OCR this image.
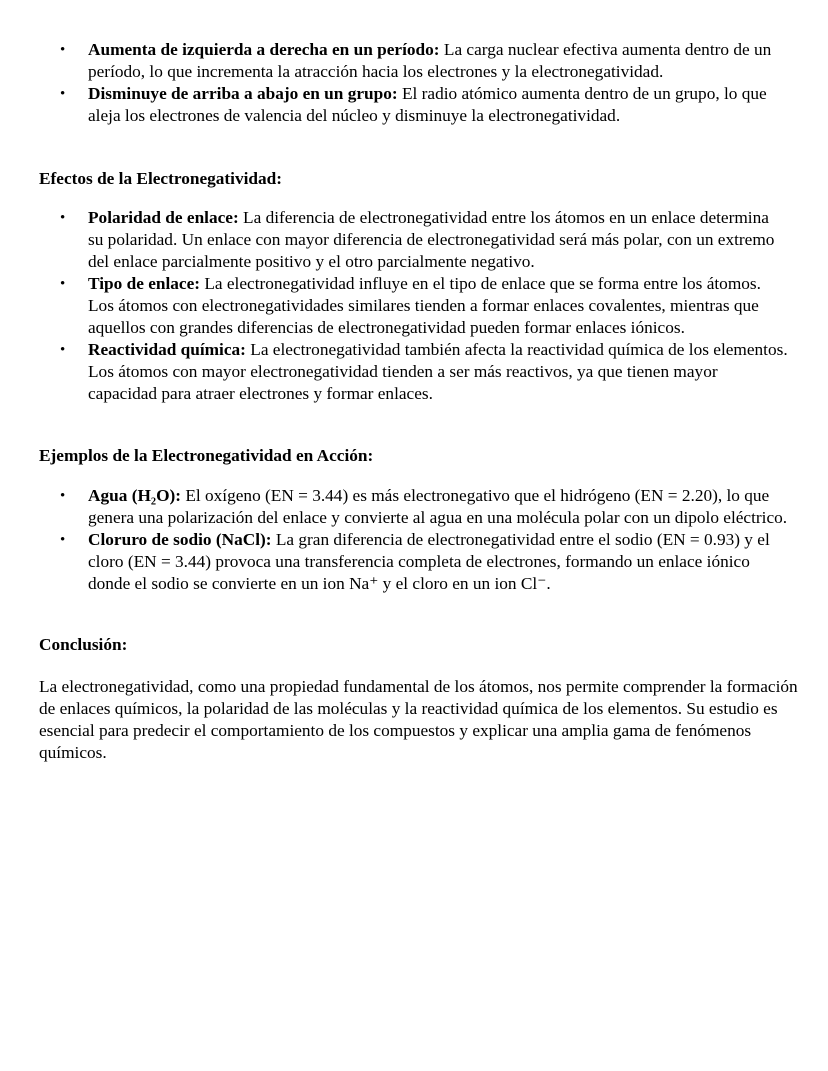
• Aumenta de izquierda a derecha en un período: La carga nuclear efectiva aumenta dentro de un período, lo que incrementa la atracción hacia los electrones y la electronegatividad.
• Disminuye de arriba a abajo en un grupo: El radio atómico aumenta dentro de un grupo, lo que aleja los electrones de valencia del núcleo y disminuye la electronegatividad.
Efectos de la Electronegatividad:
• Polaridad de enlace: La diferencia de electronegatividad entre los átomos en un enlace determina su polaridad. Un enlace con mayor diferencia de electronegatividad será más polar, con un extremo del enlace parcialmente positivo y el otro parcialmente negativo.
• Tipo de enlace: La electronegatividad influye en el tipo de enlace que se forma entre los átomos. Los átomos con electronegatividades similares tienden a formar enlaces covalentes, mientras que aquellos con grandes diferencias de electronegatividad pueden formar enlaces iónicos.
• Reactividad química: La electronegatividad también afecta la reactividad química de los elementos. Los átomos con mayor electronegatividad tienden a ser más reactivos, ya que tienen mayor capacidad para atraer electrones y formar enlaces.
Ejemplos de la Electronegatividad en Acción:
• Agua (H₂O): El oxígeno (EN = 3.44) es más electronegativo que el hidrógeno (EN = 2.20), lo que genera una polarización del enlace y convierte al agua en una molécula polar con un dipolo eléctrico.
• Cloruro de sodio (NaCl): La gran diferencia de electronegatividad entre el sodio (EN = 0.93) y el cloro (EN = 3.44) provoca una transferencia completa de electrones, formando un enlace iónico donde el sodio se convierte en un ion Na⁺ y el cloro en un ion Cl⁻.
Conclusión:
La electronegatividad, como una propiedad fundamental de los átomos, nos permite comprender la formación de enlaces químicos, la polaridad de las moléculas y la reactividad química de los elementos. Su estudio es esencial para predecir el comportamiento de los compuestos y explicar una amplia gama de fenómenos químicos.
